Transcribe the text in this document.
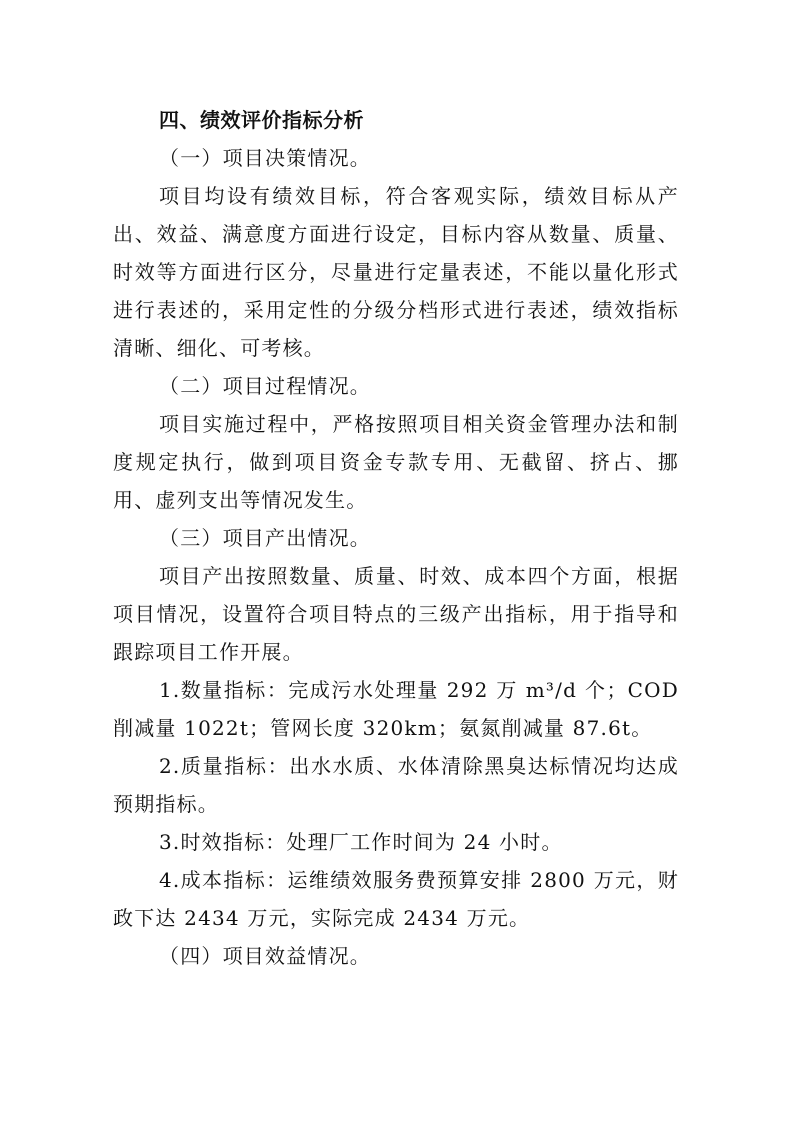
四、绩效评价指标分析

（一）项目决策情况。

项目均设有绩效目标，符合客观实际，绩效目标从产出、效益、满意度方面进行设定，目标内容从数量、质量、时效等方面进行区分，尽量进行定量表述，不能以量化形式进行表述的，采用定性的分级分档形式进行表述，绩效指标清晰、细化、可考核。

（二）项目过程情况。

项目实施过程中，严格按照项目相关资金管理办法和制度规定执行，做到项目资金专款专用、无截留、挤占、挪用、虚列支出等情况发生。

（三）项目产出情况。

项目产出按照数量、质量、时效、成本四个方面，根据项目情况，设置符合项目特点的三级产出指标，用于指导和跟踪项目工作开展。

1.数量指标：完成污水处理量 292 万 m³/d 个；COD 削减量 1022t；管网长度 320km；氨氮削减量 87.6t。

2.质量指标：出水水质、水体清除黑臭达标情况均达成预期指标。

3.时效指标：处理厂工作时间为 24 小时。

4.成本指标：运维绩效服务费预算安排 2800 万元，财政下达 2434 万元，实际完成 2434 万元。

（四）项目效益情况。
